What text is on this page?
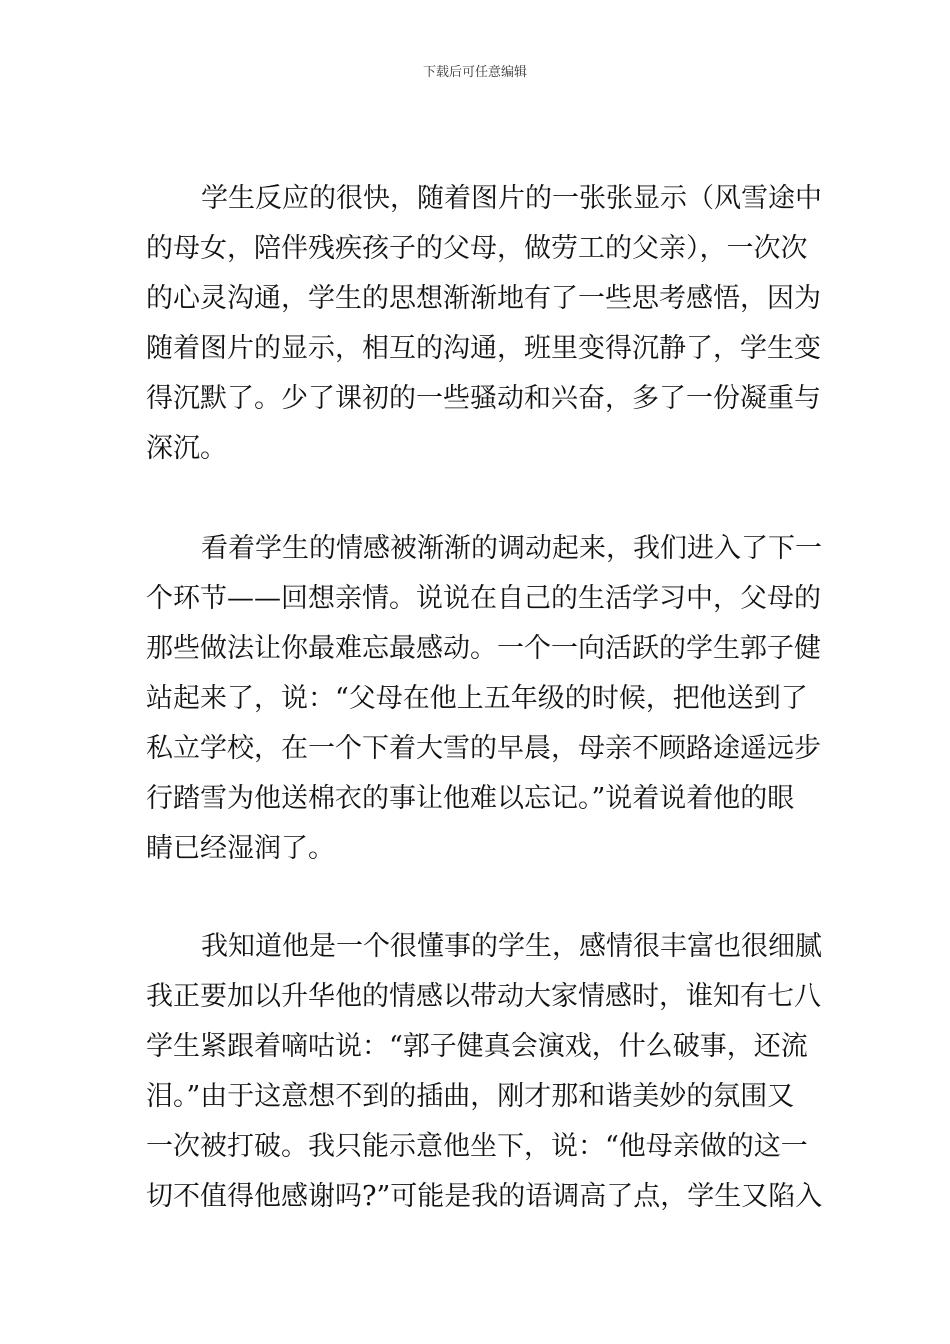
下载后可任意编辑
学生反应的很快，随着图片的一张张显示（风雪途中
的母女，陪伴残疾孩子的父母，做劳工的父亲），一次次
的心灵沟通，学生的思想渐渐地有了一些思考感悟，因为
随着图片的显示，相互的沟通，班里变得沉静了，学生变
得沉默了。少了课初的一些骚动和兴奋，多了一份凝重与
深沉。
看着学生的情感被渐渐的调动起来，我们进入了下一
个环节——回想亲情。说说在自己的生活学习中，父母的
那些做法让你最难忘最感动。一个一向活跃的学生郭子健
站起来了，说：“父母在他上五年级的时候，把他送到了
私立学校，在一个下着大雪的早晨，母亲不顾路途遥远步
行踏雪为他送棉衣的事让他难以忘记。”说着说着他的眼
睛已经湿润了。
我知道他是一个很懂事的学生，感情很丰富也很细腻
我正要加以升华他的情感以带动大家情感时，谁知有七八
学生紧跟着嘀咕说：“郭子健真会演戏，什么破事，还流
泪。”由于这意想不到的插曲，刚才那和谐美妙的氛围又
一次被打破。我只能示意他坐下，说：“他母亲做的这一
切不值得他感谢吗?”可能是我的语调高了点，学生又陷入
